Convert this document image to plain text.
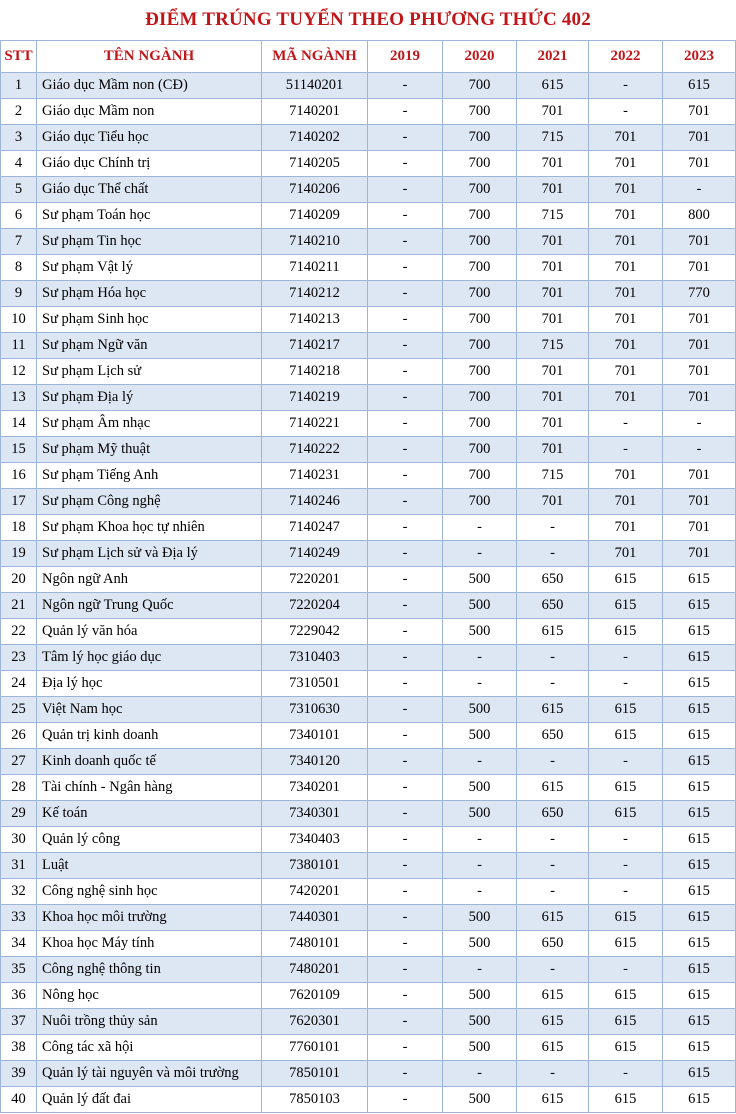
ĐIỂM TRÚNG TUYỂN THEO PHƯƠNG THỨC 402
STT	TÊN NGÀNH	MÃ NGÀNH	2019	2020	2021	2022	2023
1	Giáo dục Mầm non (CĐ)	51140201	-	700	615	-	615
2	Giáo dục Mầm non	7140201	-	700	701	-	701
3	Giáo dục Tiểu học	7140202	-	700	715	701	701
4	Giáo dục Chính trị	7140205	-	700	701	701	701
5	Giáo dục Thể chất	7140206	-	700	701	701	-
6	Sư phạm Toán học	7140209	-	700	715	701	800
7	Sư phạm Tin học	7140210	-	700	701	701	701
8	Sư phạm Vật lý	7140211	-	700	701	701	701
9	Sư phạm Hóa học	7140212	-	700	701	701	770
10	Sư phạm Sinh học	7140213	-	700	701	701	701
11	Sư phạm Ngữ văn	7140217	-	700	715	701	701
12	Sư phạm Lịch sử	7140218	-	700	701	701	701
13	Sư phạm Địa lý	7140219	-	700	701	701	701
14	Sư phạm Âm nhạc	7140221	-	700	701	-	-
15	Sư phạm Mỹ thuật	7140222	-	700	701	-	-
16	Sư phạm Tiếng Anh	7140231	-	700	715	701	701
17	Sư phạm Công nghệ	7140246	-	700	701	701	701
18	Sư phạm Khoa học tự nhiên	7140247	-	-	-	701	701
19	Sư phạm Lịch sử và Địa lý	7140249	-	-	-	701	701
20	Ngôn ngữ Anh	7220201	-	500	650	615	615
21	Ngôn ngữ Trung Quốc	7220204	-	500	650	615	615
22	Quản lý văn hóa	7229042	-	500	615	615	615
23	Tâm lý học giáo dục	7310403	-	-	-	-	615
24	Địa lý học	7310501	-	-	-	-	615
25	Việt Nam học	7310630	-	500	615	615	615
26	Quản trị kinh doanh	7340101	-	500	650	615	615
27	Kinh doanh quốc tế	7340120	-	-	-	-	615
28	Tài chính - Ngân hàng	7340201	-	500	615	615	615
29	Kế toán	7340301	-	500	650	615	615
30	Quản lý công	7340403	-	-	-	-	615
31	Luật	7380101	-	-	-	-	615
32	Công nghệ sinh học	7420201	-	-	-	-	615
33	Khoa học môi trường	7440301	-	500	615	615	615
34	Khoa học Máy tính	7480101	-	500	650	615	615
35	Công nghệ thông tin	7480201	-	-	-	-	615
36	Nông học	7620109	-	500	615	615	615
37	Nuôi trồng thủy sản	7620301	-	500	615	615	615
38	Công tác xã hội	7760101	-	500	615	615	615
39	Quản lý tài nguyên và môi trường	7850101	-	-	-	-	615
40	Quản lý đất đai	7850103	-	500	615	615	615
